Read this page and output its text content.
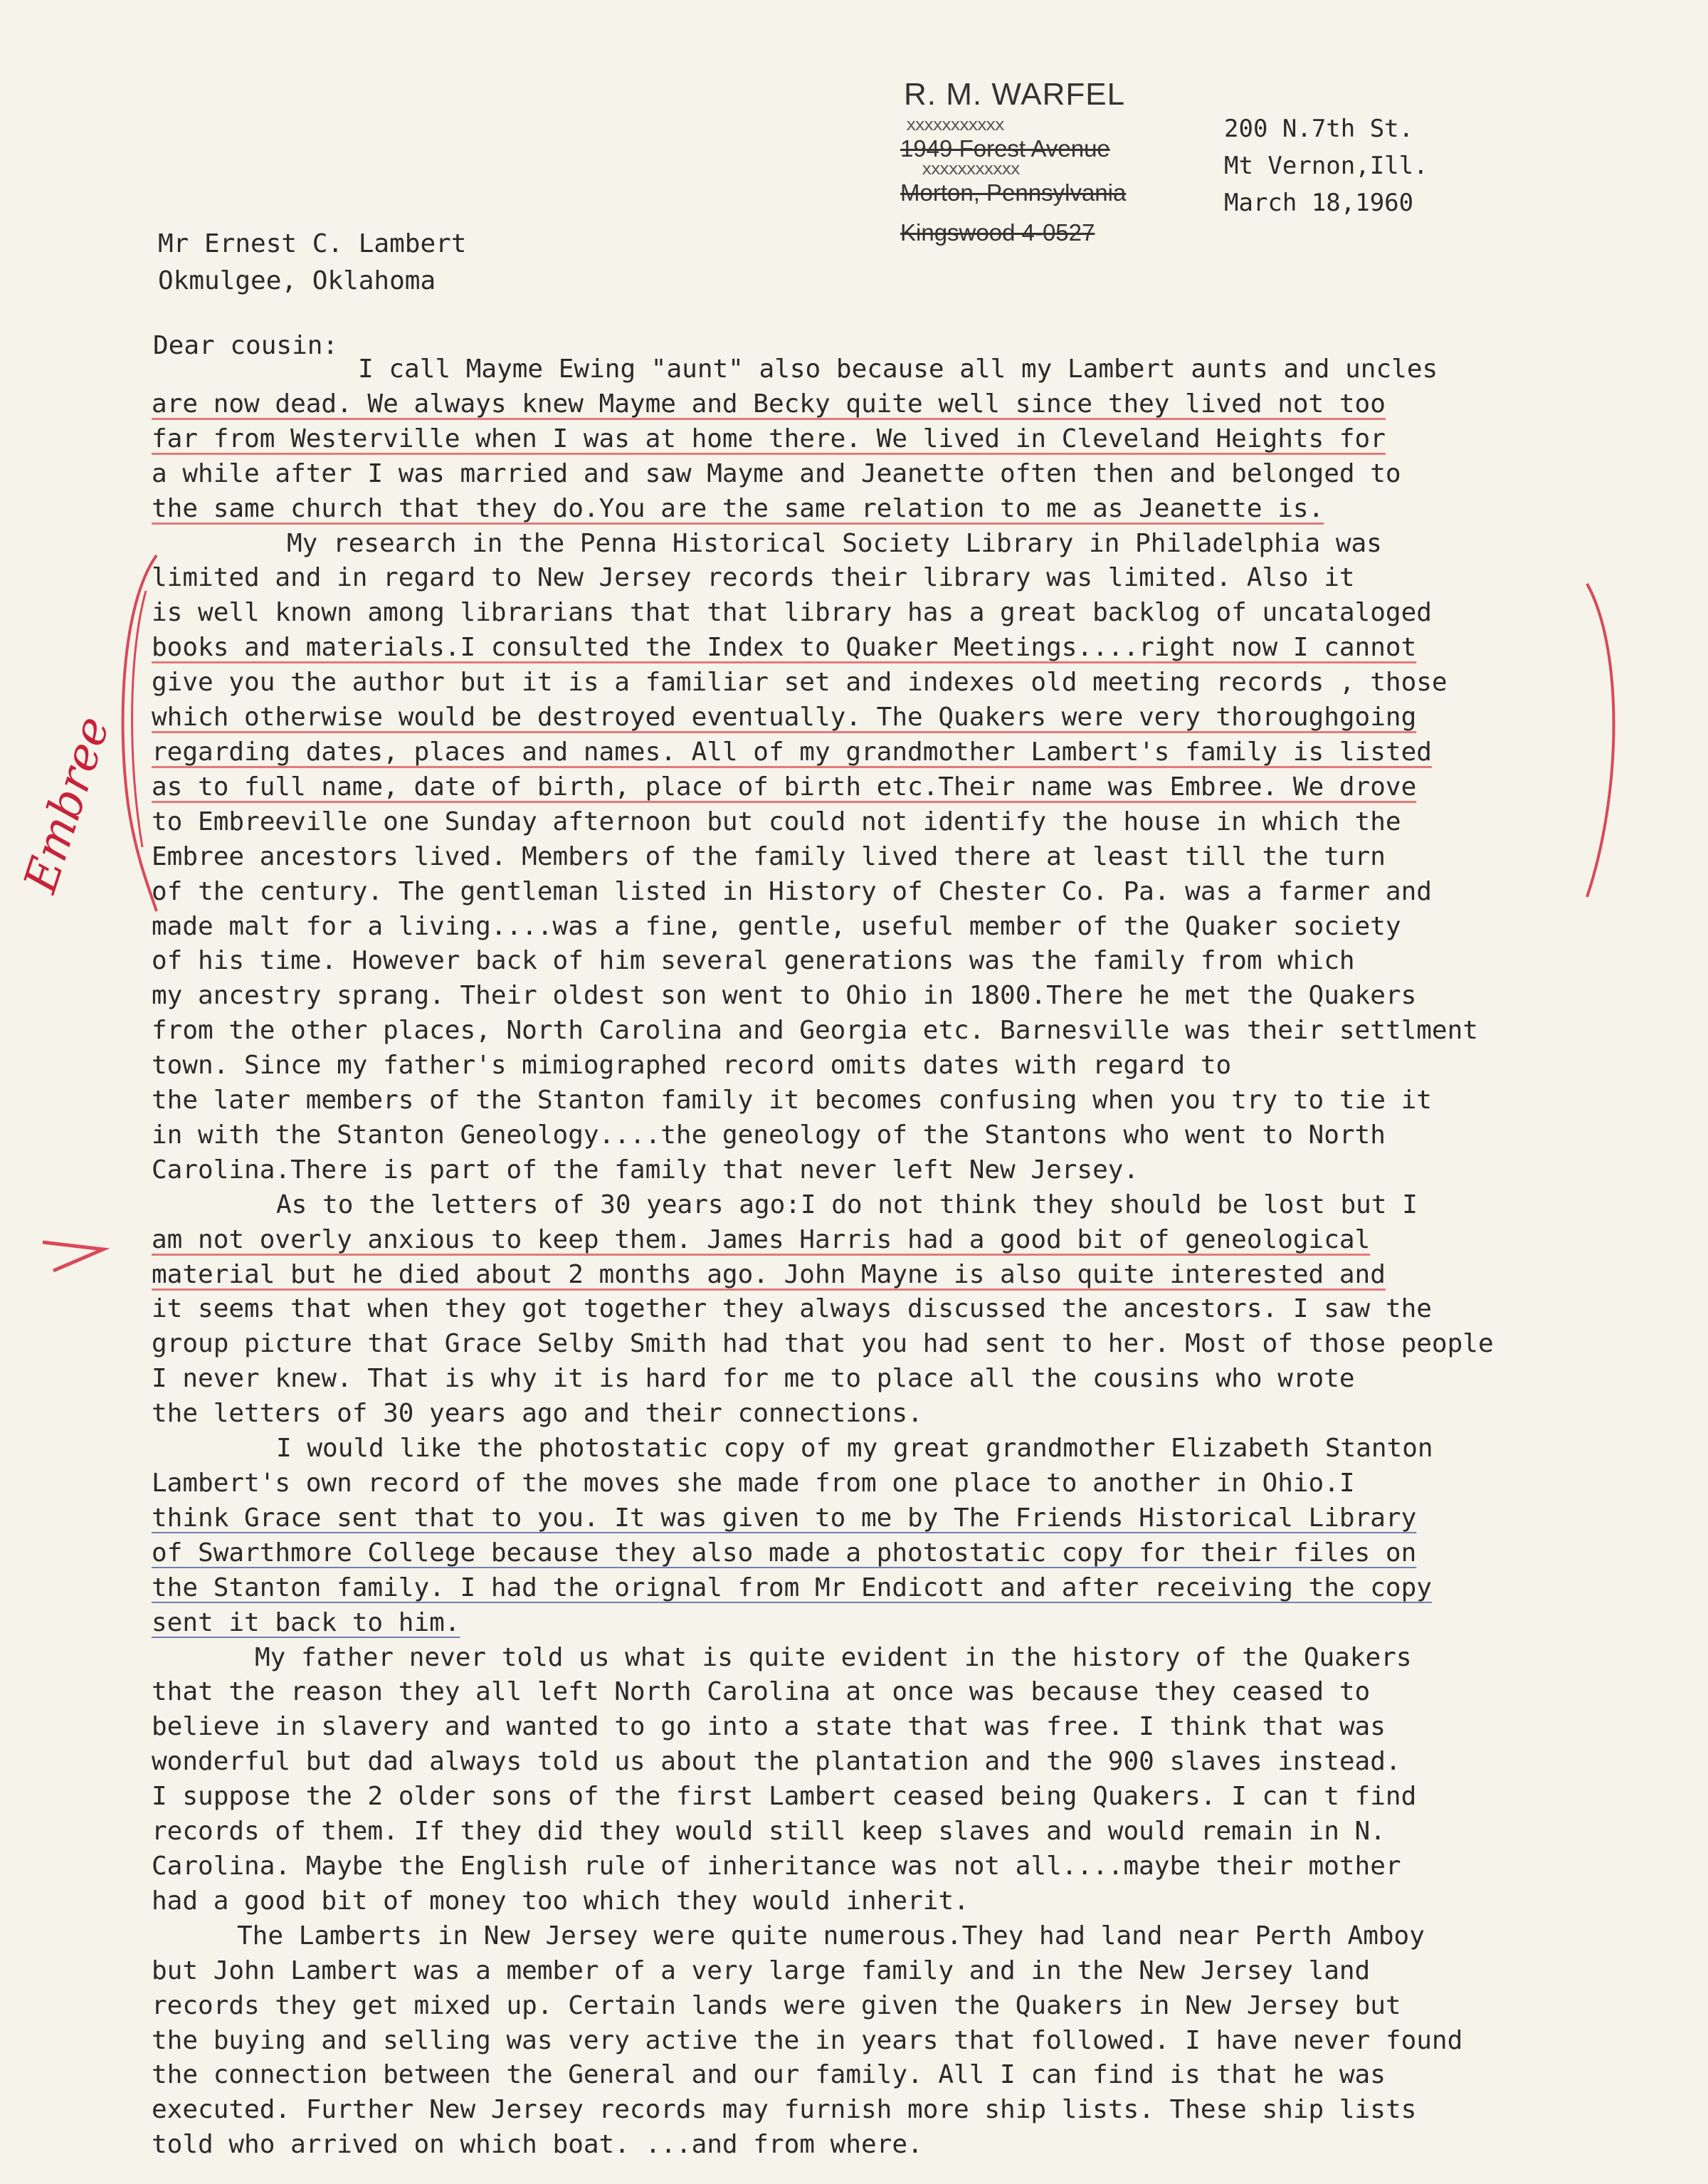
R. M. WARFEL
xxxxxxxxxxx
1949 Forest Avenue
xxxxxxxxxxx
Morton, Pennsylvania
Kingswood 4-0527
200 N.7th St.
Mt Vernon,Ill.
March 18,1960
Mr Ernest C. Lambert
Okmulgee, Oklahoma
Dear cousin:
I call Mayme Ewing "aunt" also because all my Lambert aunts and uncles
are now dead. We always knew Mayme and Becky quite well since they lived not too
far from Westerville when I was at home there. We lived in Cleveland Heights for
a while after I was married and saw Mayme and Jeanette often then and belonged to
the same church that they do.You are the same relation to me as Jeanette is.
My research in the Penna Historical Society Library in Philadelphia was
limited and in regard to New Jersey records their library was limited. Also it
is well known among librarians that that library has a great backlog of uncataloged
books and materials.I consulted the Index to Quaker Meetings....right now I cannot
give you the author but it is a familiar set and indexes old meeting records , those
which otherwise would be destroyed eventually. The Quakers were very thoroughgoing
regarding dates, places and names. All of my grandmother Lambert's family is listed
as to full name, date of birth, place of birth etc.Their name was Embree. We drove
to Embreeville one Sunday afternoon but could not identify the house in which the
Embree ancestors lived. Members of the family lived there at least till the turn
of the century. The gentleman listed in History of Chester Co. Pa. was a farmer and
made malt for a living....was a fine, gentle, useful member of the Quaker society
of his time. However back of him several generations was the family from which
my ancestry sprang. Their oldest son went to Ohio in 1800.There he met the Quakers
from the other places, North Carolina and Georgia etc. Barnesville was their settlment
town. Since my father's mimiographed record omits dates with regard to
the later members of the Stanton family it becomes confusing when you try to tie it
in with the Stanton Geneology....the geneology of the Stantons who went to North
Carolina.There is part of the family that never left New Jersey.
As to the letters of 30 years ago:I do not think they should be lost but I
am not overly anxious to keep them. James Harris had a good bit of geneological
material but he died about 2 months ago. John Mayne is also quite interested and
it seems that when they got together they always discussed the ancestors. I saw the
group picture that Grace Selby Smith had that you had sent to her. Most of those people
I never knew. That is why it is hard for me to place all the cousins who wrote
the letters of 30 years ago and their connections.
I would like the photostatic copy of my great grandmother Elizabeth Stanton
Lambert's own record of the moves she made from one place to another in Ohio.I
think Grace sent that to you. It was given to me by The Friends Historical Library
of Swarthmore College because they also made a photostatic copy for their files on
the Stanton family. I had the orignal from Mr Endicott and after receiving the copy
sent it back to him.
My father never told us what is quite evident in the history of the Quakers
that the reason they all left North Carolina at once was because they ceased to
believe in slavery and wanted to go into a state that was free. I think that was
wonderful but dad always told us about the plantation and the 900 slaves instead.
I suppose the 2 older sons of the first Lambert ceased being Quakers. I can t find
records of them. If they did they would still keep slaves and would remain in N.
Carolina. Maybe the English rule of inheritance was not all....maybe their mother
had a good bit of money too which they would inherit.
The Lamberts in New Jersey were quite numerous.They had land near Perth Amboy
but John Lambert was a member of a very large family and in the New Jersey land
records they get mixed up. Certain lands were given the Quakers in New Jersey but
the buying and selling was very active the in years that followed. I have never found
the connection between the General and our family. All I can find is that he was
executed. Further New Jersey records may furnish more ship lists. These ship lists
told who arrived on which boat. ...and from where.
Embree
